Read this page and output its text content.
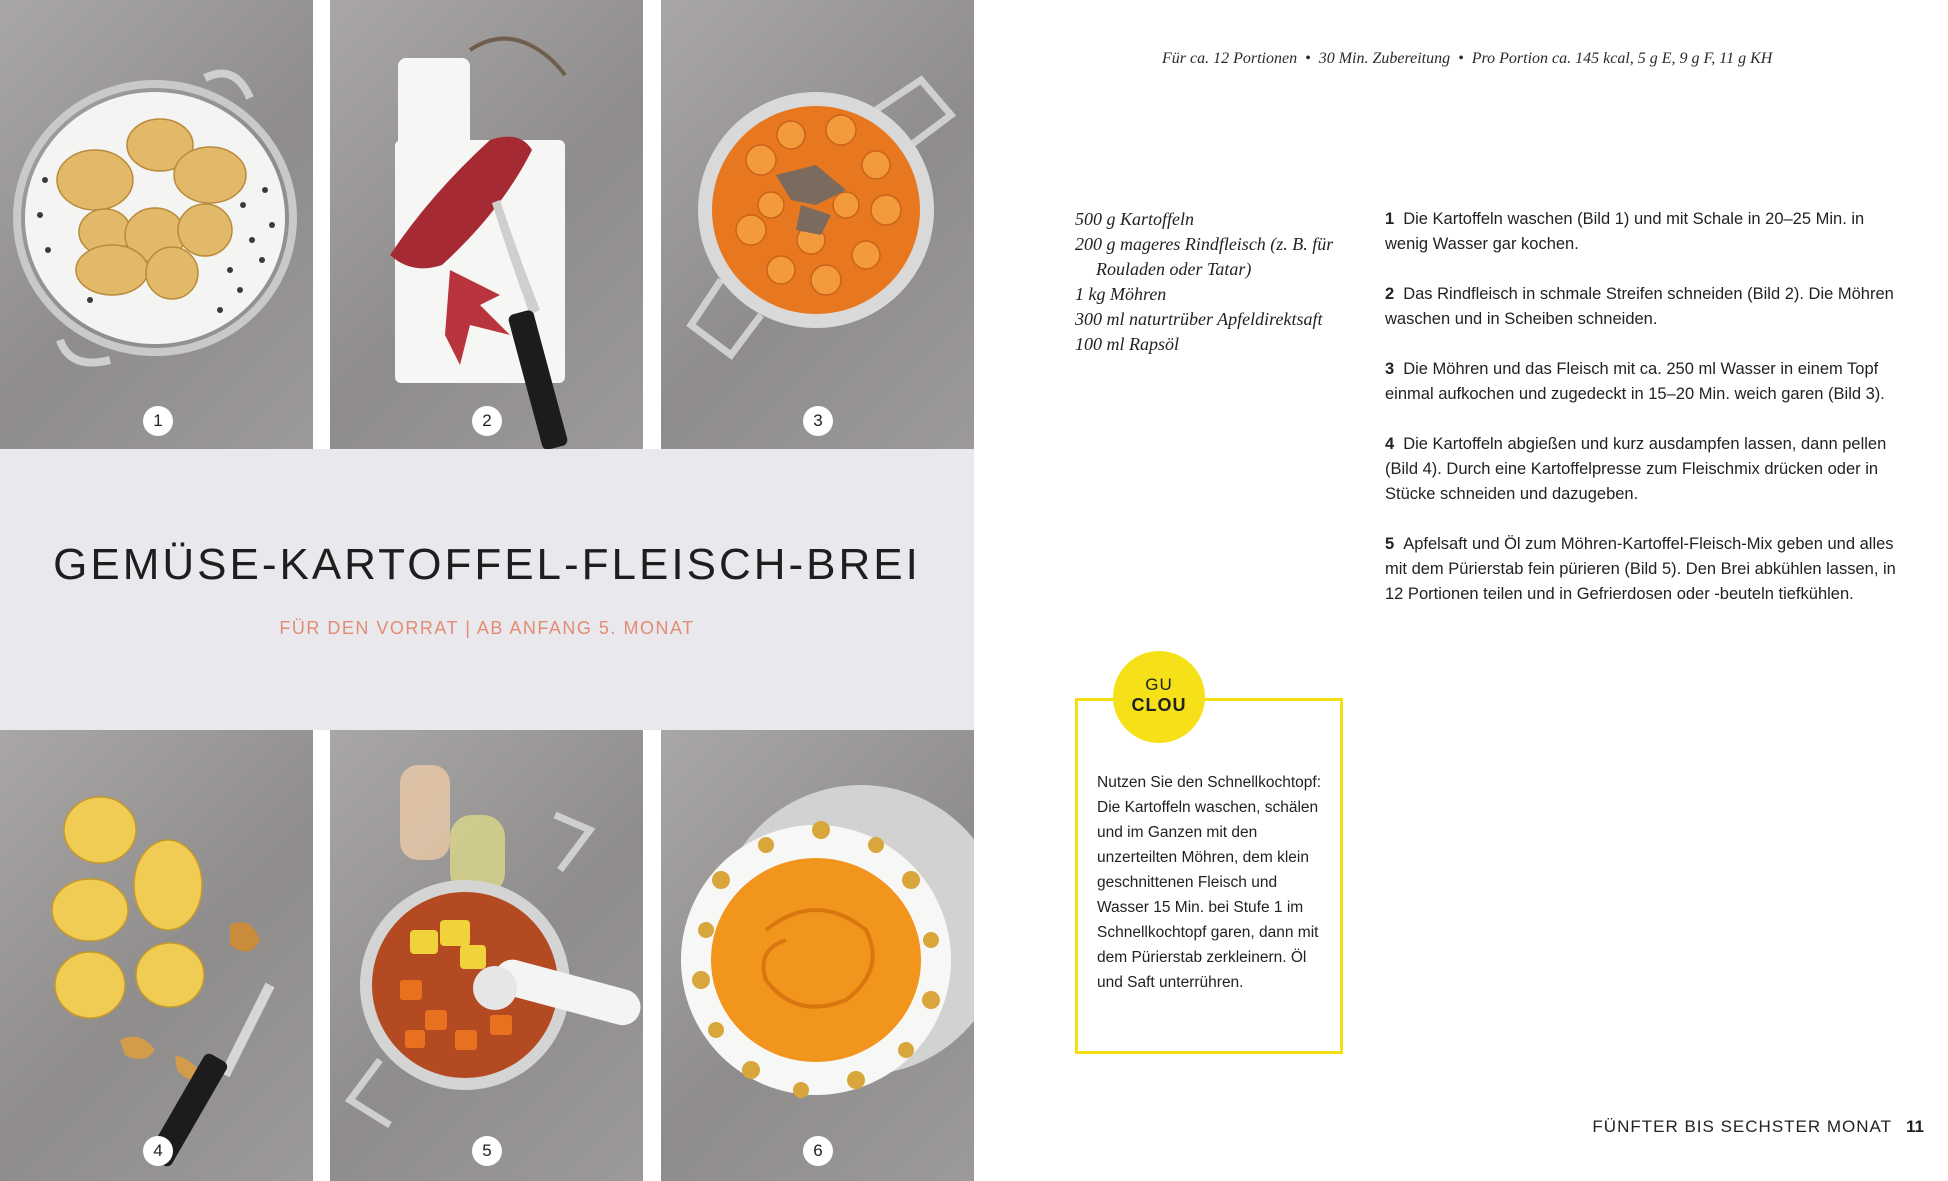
1	2	3
GEMÜSE-KARTOFFEL-FLEISCH-BREI
FÜR DEN VORRAT | AB ANFANG 5. MONAT
4	5	6
Für ca. 12 Portionen • 30 Min. Zubereitung • Pro Portion ca. 145 kcal, 5 g E, 9 g F, 11 g KH
500 g Kartoffeln
200 g mageres Rindfleisch (z. B. für Rouladen oder Tatar)
1 kg Möhren
300 ml naturtrüber Apfeldirektsaft
100 ml Rapsöl
1 Die Kartoffeln waschen (Bild 1) und mit Schale in 20–25 Min. in wenig Wasser gar kochen.
2 Das Rindfleisch in schmale Streifen schneiden (Bild 2). Die Möhren waschen und in Scheiben schneiden.
3 Die Möhren und das Fleisch mit ca. 250 ml Wasser in einem Topf einmal aufkochen und zugedeckt in 15–20 Min. weich garen (Bild 3).
4 Die Kartoffeln abgießen und kurz ausdampfen lassen, dann pellen (Bild 4). Durch eine Kartoffelpresse zum Fleischmix drücken oder in Stücke schneiden und dazugeben.
5 Apfelsaft und Öl zum Möhren-Kartoffel-Fleisch-Mix geben und alles mit dem Pürierstab fein pürieren (Bild 5). Den Brei abkühlen lassen, in 12 Portionen teilen und in Gefrierdosen oder -beuteln tiefkühlen.
GU
CLOU
Nutzen Sie den Schnellkochtopf: Die Kartoffeln waschen, schälen und im Ganzen mit den unzerteilten Möhren, dem klein geschnittenen Fleisch und Wasser 15 Min. bei Stufe 1 im Schnellkochtopf garen, dann mit dem Pürierstab zerkleinern. Öl und Saft unterrühren.
FÜNFTER BIS SECHSTER MONAT 11
